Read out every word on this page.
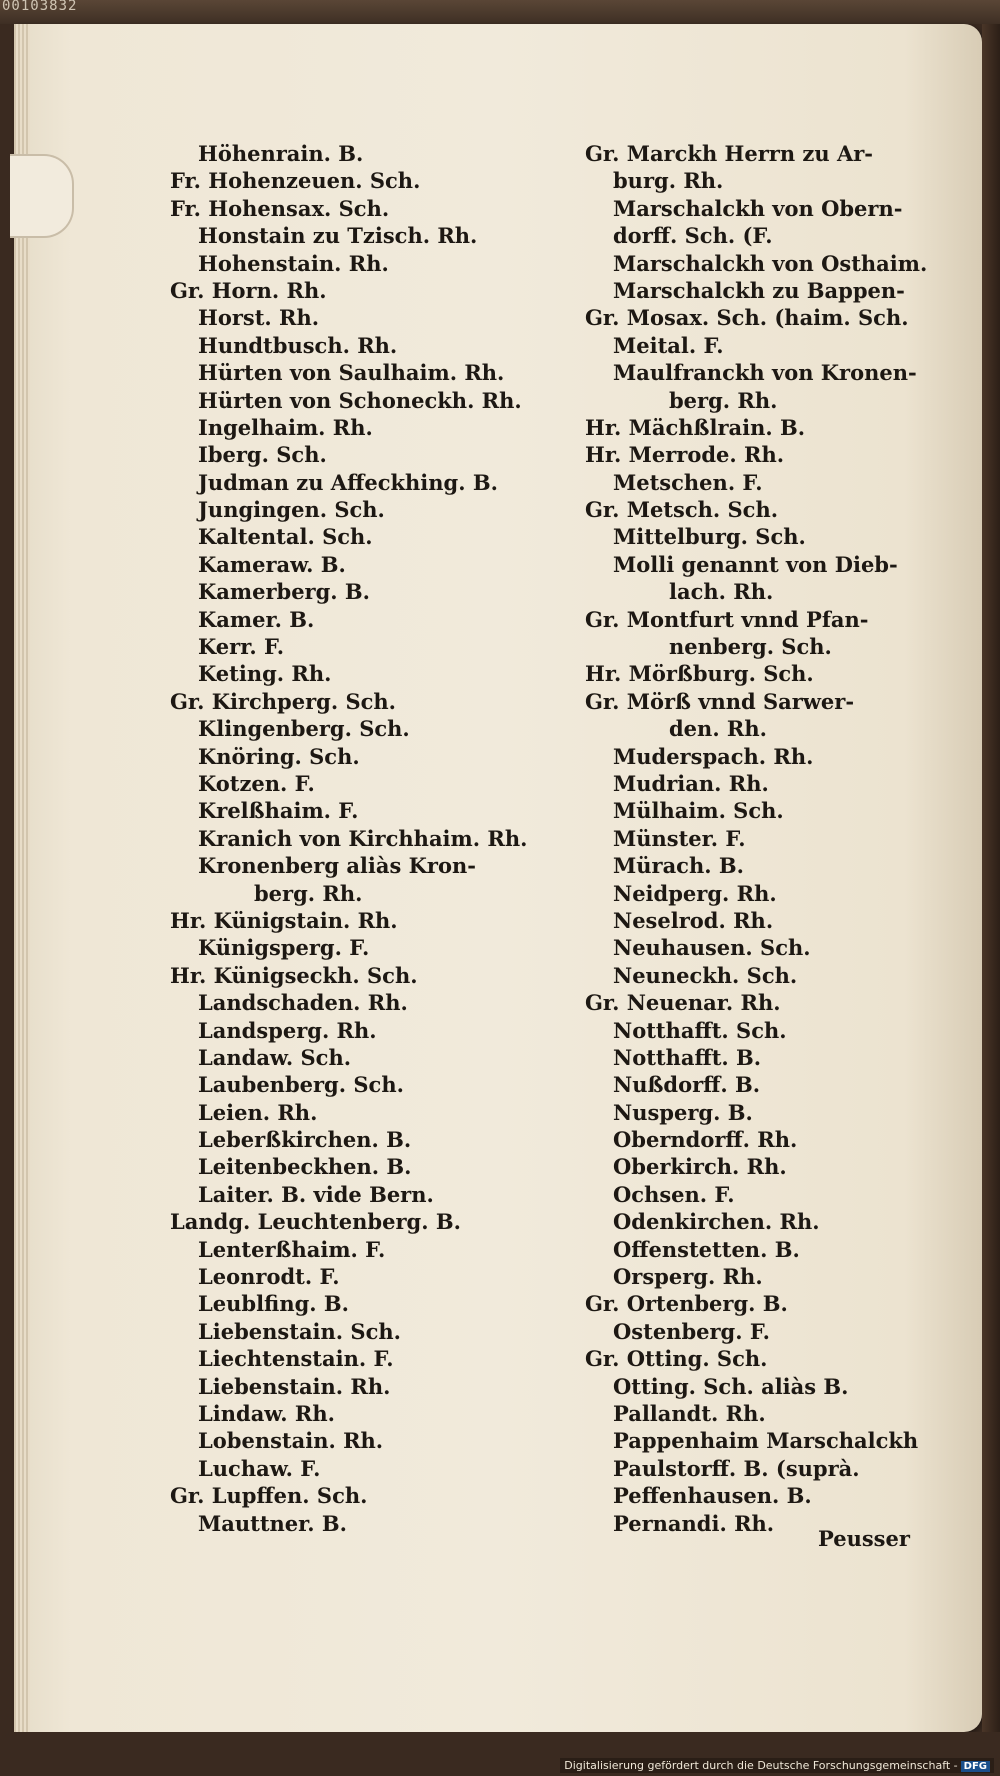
00103832
Höhenrain. B.
Fr. Hohenzeuen. Sch.
Fr. Hohensax. Sch.
Honstain zu Tzisch. Rh.
Hohenstain. Rh.
Gr. Horn. Rh.
Horst. Rh.
Hundtbusch. Rh.
Hürten von Saulhaim. Rh.
Hürten von Schoneckh. Rh.
Ingelhaim. Rh.
Iberg. Sch.
Judman zu Affeckhing. B.
Jungingen. Sch.
Kaltental. Sch.
Kameraw. B.
Kamerberg. B.
Kamer. B.
Kerr. F.
Keting. Rh.
Gr. Kirchperg. Sch.
Klingenberg. Sch.
Knöring. Sch.
Kotzen. F.
Krelßhaim. F.
Kranich von Kirchhaim. Rh.
Kronenberg aliàs Kron-
berg. Rh.
Hr. Künigstain. Rh.
Künigsperg. F.
Hr. Künigseckh. Sch.
Landschaden. Rh.
Landsperg. Rh.
Landaw. Sch.
Laubenberg. Sch.
Leien. Rh.
Leberßkirchen. B.
Leitenbeckhen. B.
Laiter. B. vide Bern.
Landg. Leuchtenberg. B.
Lenterßhaim. F.
Leonrodt. F.
Leublfing. B.
Liebenstain. Sch.
Liechtenstain. F.
Liebenstain. Rh.
Lindaw. Rh.
Lobenstain. Rh.
Luchaw. F.
Gr. Lupffen. Sch.
Mauttner. B.
Gr. Marckh Herrn zu Ar-
burg. Rh.
Marschalckh von Obern-
dorff. Sch. (F.
Marschalckh von Osthaim.
Marschalckh zu Bappen-
Gr. Mosax. Sch. (haim. Sch.
Meital. F.
Maulfranckh von Kronen-
berg. Rh.
Hr. Mächßlrain. B.
Hr. Merrode. Rh.
Metschen. F.
Gr. Metsch. Sch.
Mittelburg. Sch.
Molli genannt von Dieb-
lach. Rh.
Gr. Montfurt vnnd Pfan-
nenberg. Sch.
Hr. Mörßburg. Sch.
Gr. Mörß vnnd Sarwer-
den. Rh.
Muderspach. Rh.
Mudrian. Rh.
Mülhaim. Sch.
Münster. F.
Mürach. B.
Neidperg. Rh.
Neselrod. Rh.
Neuhausen. Sch.
Neuneckh. Sch.
Gr. Neuenar. Rh.
Notthafft. Sch.
Notthafft. B.
Nußdorff. B.
Nusperg. B.
Oberndorff. Rh.
Oberkirch. Rh.
Ochsen. F.
Odenkirchen. Rh.
Offenstetten. B.
Orsperg. Rh.
Gr. Ortenberg. B.
Ostenberg. F.
Gr. Otting. Sch.
Otting. Sch. aliàs B.
Pallandt. Rh.
Pappenhaim Marschalckh
Paulstorff. B. (suprà.
Peffenhausen. B.
Pernandi. Rh.
Peusser
Digitalisierung gefördert durch die Deutsche Forschungsgemeinschaft - DFG
